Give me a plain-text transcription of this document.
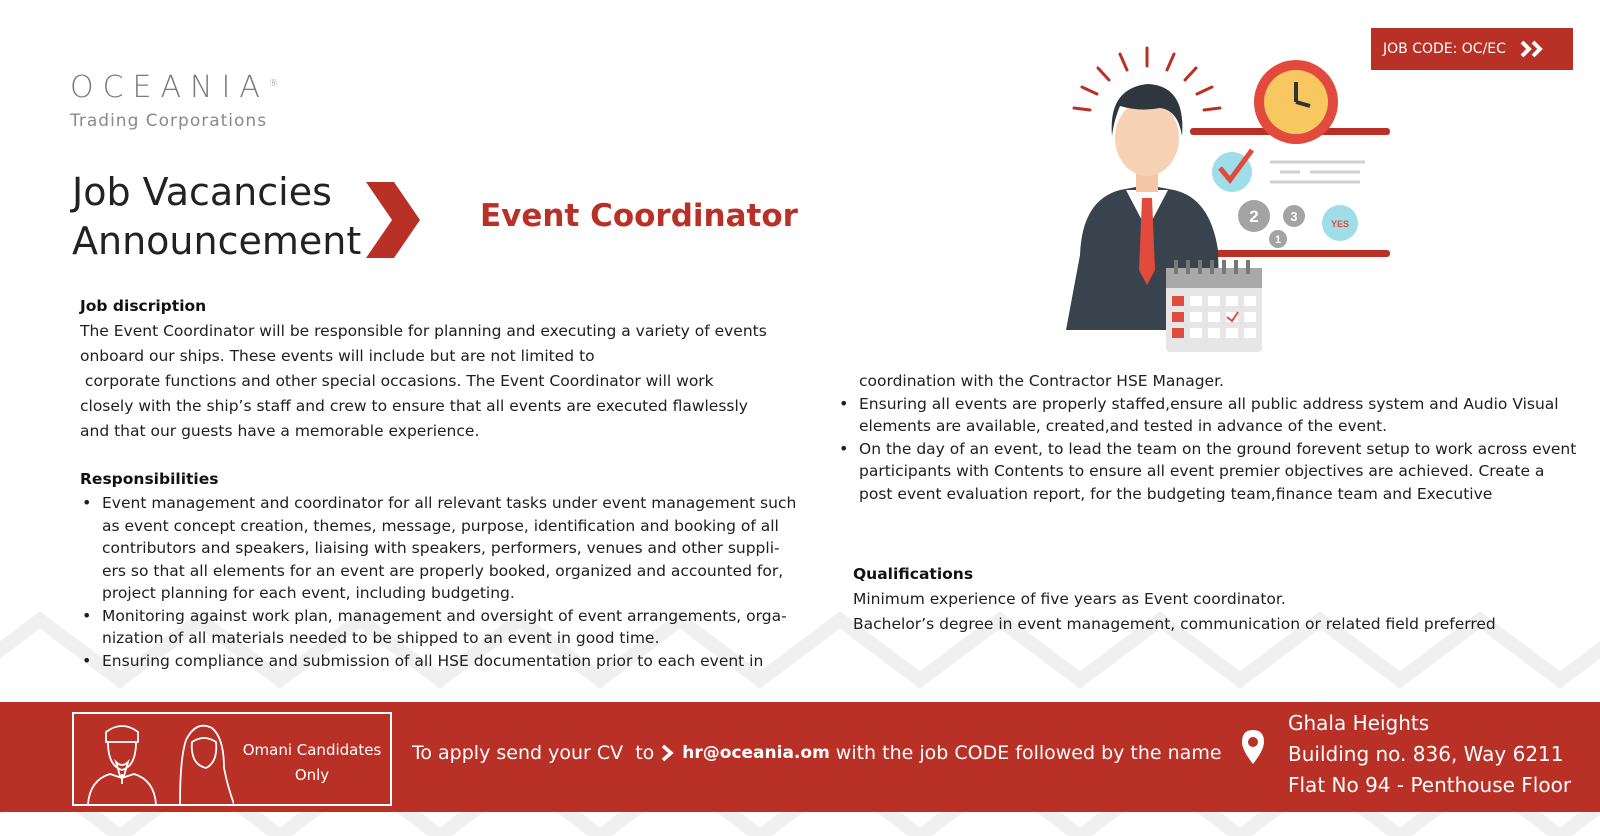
OCEANIA®
Trading Corporations
Job Vacancies
Announcement
Event Coordinator
JOB CODE: OC/EC
2 3
1
YES
Job discription

The Event Coordinator will be responsible for planning and executing a variety of events
onboard our ships. These events will include but are not limited to
corporate functions and other special occasions. The Event Coordinator will work
closely with the ship’s staff and crew to ensure that all events are executed flawlessly
and that our guests have a memorable experience.

Responsibilities
• Event management and coordinator for all relevant tasks under event management such
as event concept creation, themes, message, purpose, identification and booking of all
contributors and speakers, liaising with speakers, performers, venues and other suppli-
ers so that all elements for an event are properly booked, organized and accounted for,
project planning for each event, including budgeting.
• Monitoring against work plan, management and oversight of event arrangements, orga-
nization of all materials needed to be shipped to an event in good time.
• Ensuring compliance and submission of all HSE documentation prior to each event in

coordination with the Contractor HSE Manager.

• Ensuring all events are properly staffed,ensure all public address system and Audio Visual
elements are available, created,and tested in advance of the event.
• On the day of an event, to lead the team on the ground forevent setup to work across event
participants with Contents to ensure all event premier objectives are achieved. Create a
post event evaluation report, for the budgeting team,finance team and Executive
Qualifications
Minimum experience of five years as Event coordinator.
Bachelor’s degree in event management, communication or related field preferred
Omani Candidates
Only
To apply send your CV  to hr@oceania.om with the job CODE followed by the name
Ghala Heights
Building no. 836, Way 6211
Flat No 94 - Penthouse Floor
